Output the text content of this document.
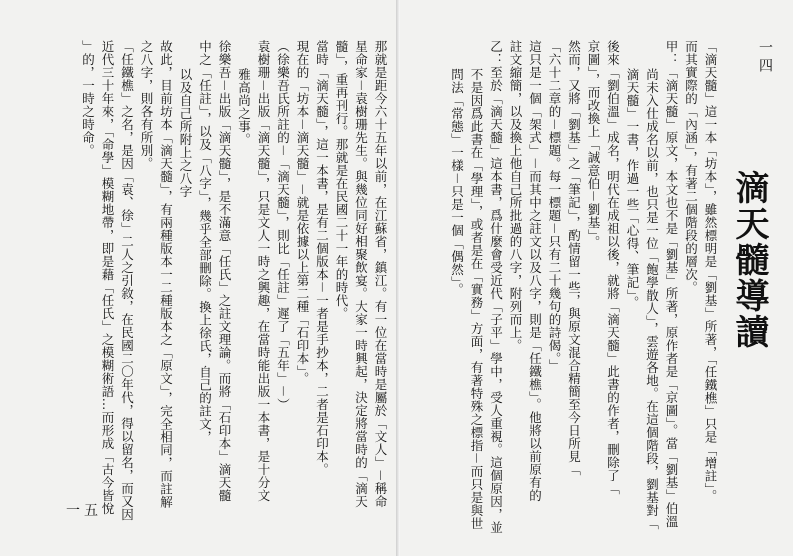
那就是距今六十五年以前，在江蘇省，鎮江。有一位在當時是屬於「文人」－稱命
星命家－袁樹珊先生。與幾位同好相聚飲宴。大家一時興起，決定將當時的「滴天
髓」，重再刊行。那就是在民國二十一年的時代。
當時「滴天髓」，這一本書，是有二個版本－一者是手抄本，二者是石印本。
現在的「坊本－滴天髓」－就是依據以上第二種「石印本」。
（徐樂吾氏所註的－「滴天髓」，則比「任註」遲了「五年」－）
袁樹珊－出版「滴天髓」，只是文人一時之興趣，在當時能出版一本書，是十分文
雅高尚之事。
徐樂吾－出版「滴天髓」，是不滿意「任氏」之註文理論。而將「石印本」滴天髓
中之「任註」，以及「八字」，幾乎全部刪除。換上徐氏，自己的註文，
以及自己所附上之八字
故此，目前坊本「滴天髓」，有兩種版本一二種版本之「原文」，完全相同，而註解
之八字，則各有所別。
「任鐵樵」之名，是因「袁、徐」二人之引敘，在民國二〇年代，得以留名，而又因
近代三十年來，「命學」模糊地帶，即是藉「任氏」之模糊術語…而形成「古今皆悅
」的，一時之時命。
一五
滴天髓導讀
「滴天髓」這一本「坊本」，雖然標明是「劉基」所著，「任鐵樵」只是「增註」。
而其實際的「內涵」，有著二個階段的層次。
甲：「滴天髓」原文，本文也不是「劉基」所著，原作者是「京圖」。當「劉基」伯溫
尚未入仕成名以前，也只是一位「飽學散人」，雲遊各地。在這個階段，劉基對「
滴天髓」一書，作過一些「心得、筆記」。
後來「劉伯溫」成名，明代在成祖以後，就將「滴天髓」此書的作者，刪除了「
京圖」，而改換上「誠意伯－劉基」。
然而，又將「劉基」之「筆記」，酌情留一些，與原文混合精簡至今日所見「
「六十二章的－標題。每一標題－只有二十幾句的詩偈。」
這只是一個「架式」－而其中之註文以及八字，則是「任鐵樵」。他將以前原有的
註文縮簡，以及換上他自己所批過的八字，附列而上。
乙：至於「滴天髓」這本書，爲什麼會受近代「子平」學中，受人重視。這個原因，並
不是因爲此書在「學理」，或者是在「實務」方面，有著特殊之標指－而只是與世
問法「常態」一樣－只是一個「偶然」。
一四
